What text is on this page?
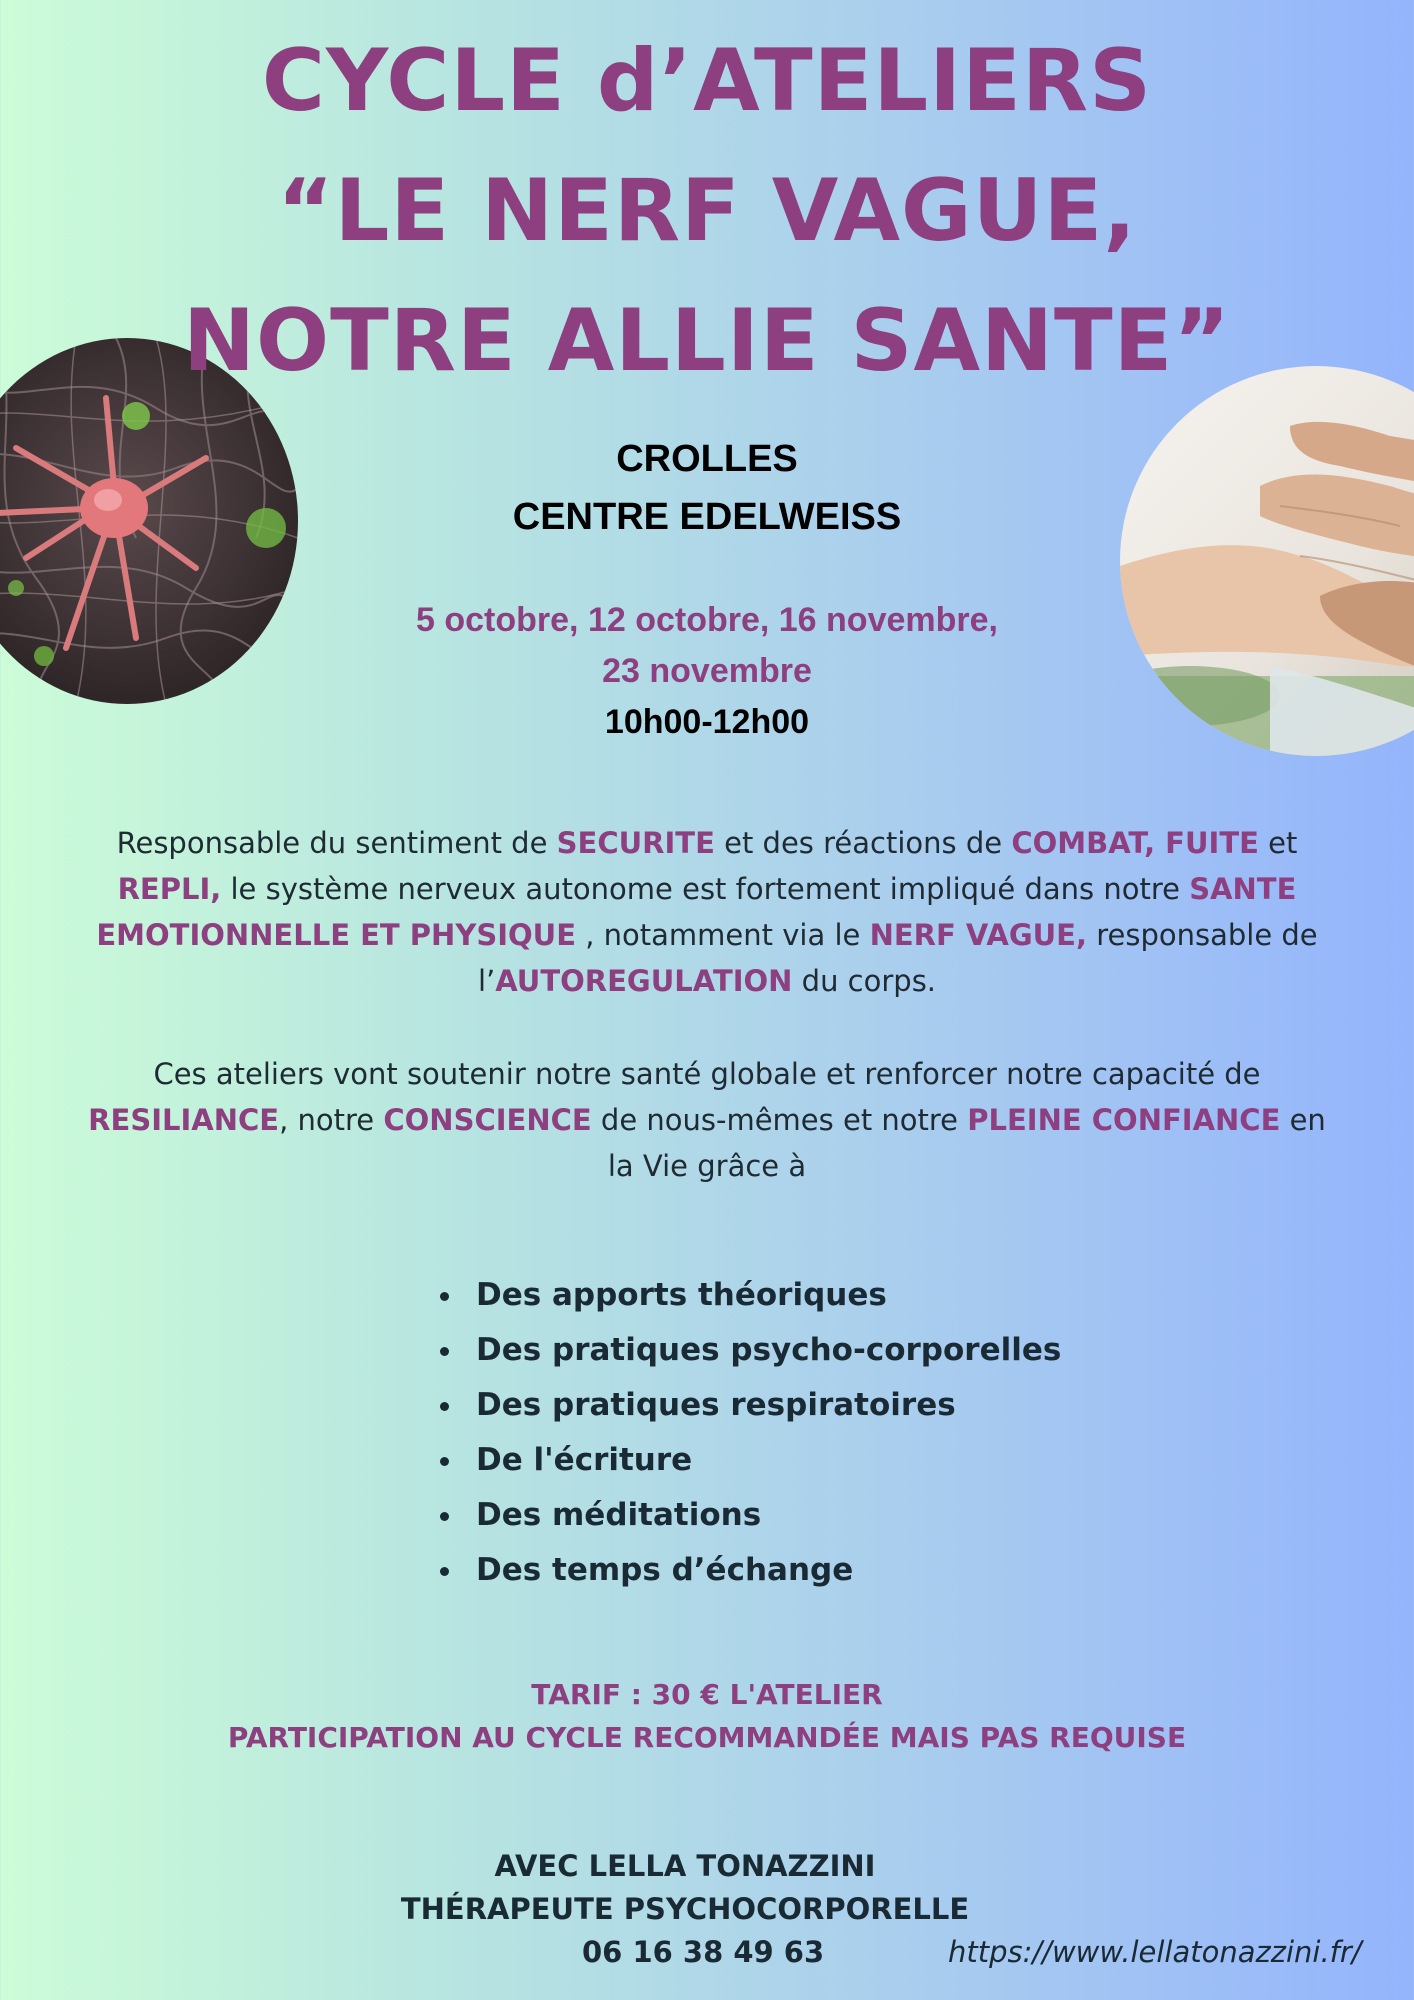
CYCLE d’ATELIERS
“LE NERF VAGUE,
NOTRE ALLIE SANTE”
CROLLES
CENTRE EDELWEISS
5 octobre, 12 octobre, 16 novembre,
23 novembre
10h00-12h00
Responsable du sentiment de SECURITE et des réactions de COMBAT, FUITE et REPLI, le système nerveux autonome est fortement impliqué dans notre SANTE EMOTIONNELLE ET PHYSIQUE , notamment via le NERF VAGUE, responsable de l’AUTOREGULATION du corps.
Ces ateliers vont soutenir notre santé globale et renforcer notre capacité de RESILIANCE, notre CONSCIENCE de nous-mêmes et notre PLEINE CONFIANCE en la Vie grâce à
Des apports théoriques
Des pratiques psycho-corporelles
Des pratiques respiratoires
De l'écriture
Des méditations
Des temps d’échange
TARIF : 30 € L'ATELIER
PARTICIPATION AU CYCLE RECOMMANDÉE MAIS PAS REQUISE
AVEC LELLA TONAZZINI
THÉRAPEUTE PSYCHOCORPORELLE
06 16 38 49 63	https://www.lellatonazzini.fr/
